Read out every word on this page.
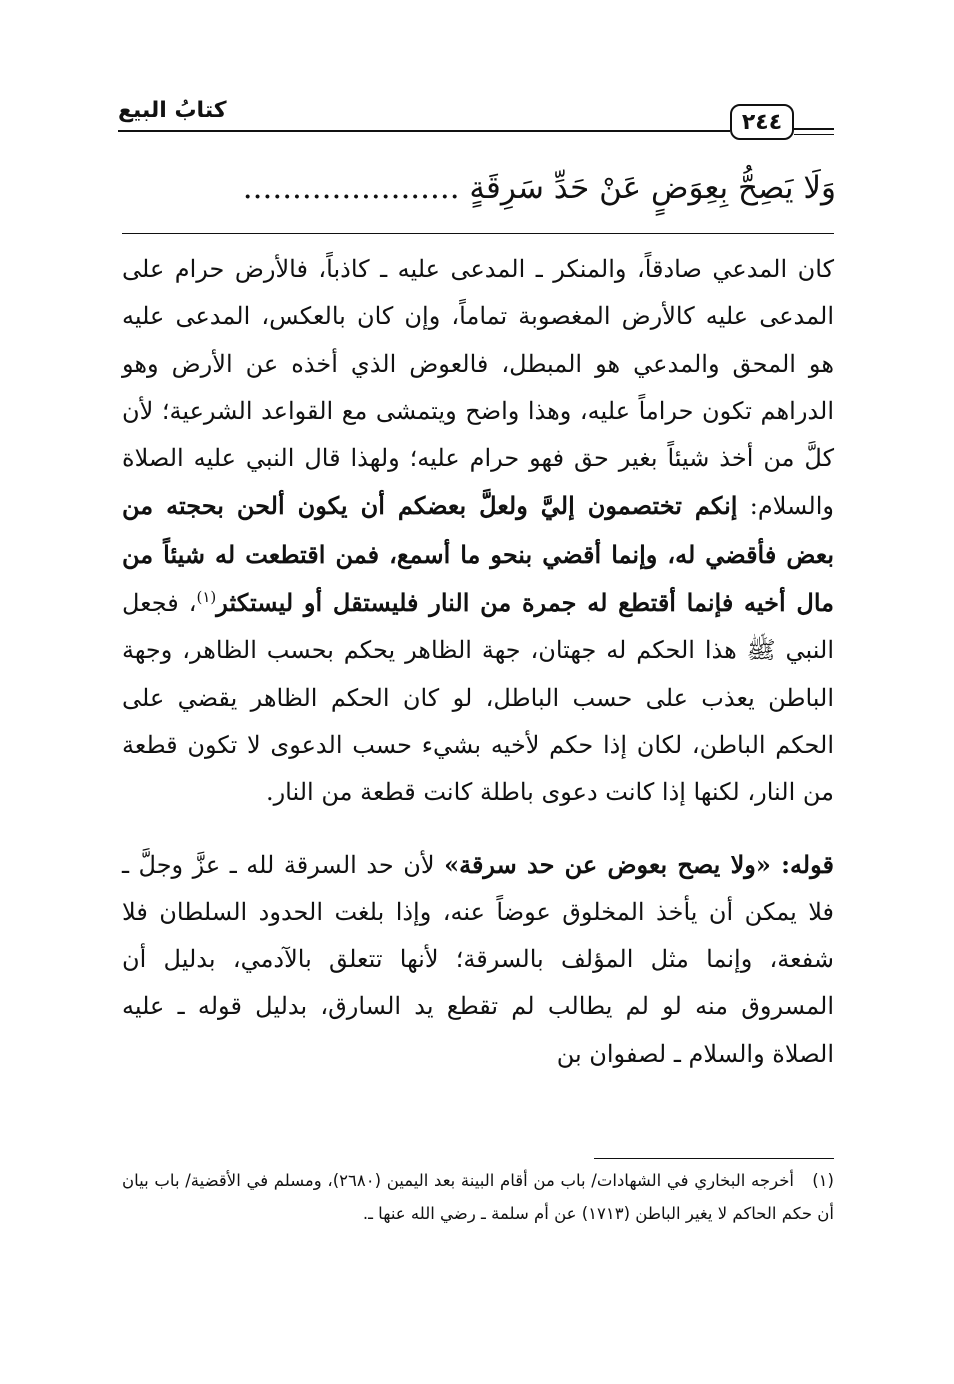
كتابُ البيع	٢٤٤
وَلَا يَصِحُّ بِعِوَضٍ عَنْ حَدِّ سَرِقَةٍ ......................

كان المدعي صادقاً، والمنكر ـ المدعى عليه ـ كاذباً، فالأرض حرام على المدعى عليه كالأرض المغصوبة تماماً، وإن كان بالعكس، المدعى عليه هو المحق والمدعي هو المبطل، فالعوض الذي أخذه عن الأرض وهو الدراهم تكون حراماً عليه، وهذا واضح ويتمشى مع القواعد الشرعية؛ لأن كلَّ من أخذ شيئاً بغير حق فهو حرام عليه؛ ولهذا قال النبي عليه الصلاة والسلام: إنكم تختصمون إليَّ ولعلَّ بعضكم أن يكون ألحن بحجته من بعض فأقضي له، وإنما أقضي بنحو ما أسمع، فمن اقتطعت له شيئاً من مال أخيه فإنما أقتطع له جمرة من النار فليستقل أو ليستكثر$^{(١)}$، فجعل النبي ﷺ هذا الحكم له جهتان، جهة الظاهر يحكم بحسب الظاهر، وجهة الباطن يعذب على حسب الباطل، لو كان الحكم الظاهر يقضي على الحكم الباطن، لكان إذا حكم لأخيه بشيء حسب الدعوى لا تكون قطعة من النار، لكنها إذا كانت دعوى باطلة كانت قطعة من النار.

قوله: «ولا يصح بعوض عن حد سرقة» لأن حد السرقة لله ـ عزَّ وجلَّ ـ فلا يمكن أن يأخذ المخلوق عوضاً عنه، وإذا بلغت الحدود السلطان فلا شفعة، وإنما مثل المؤلف بالسرقة؛ لأنها تتعلق بالآدمي، بدليل أن المسروق منه لو لم يطالب لم تقطع يد السارق، بدليل قوله ـ عليه الصلاة والسلام ـ لصفوان بن

(١)أخرجه البخاري في الشهادات/ باب من أقام البينة بعد اليمين (٢٦٨٠)، ومسلم في الأقضية/ باب بيان أن حكم الحاكم لا يغير الباطن (١٧١٣) عن أم سلمة ـ رضي الله عنها ـ.
